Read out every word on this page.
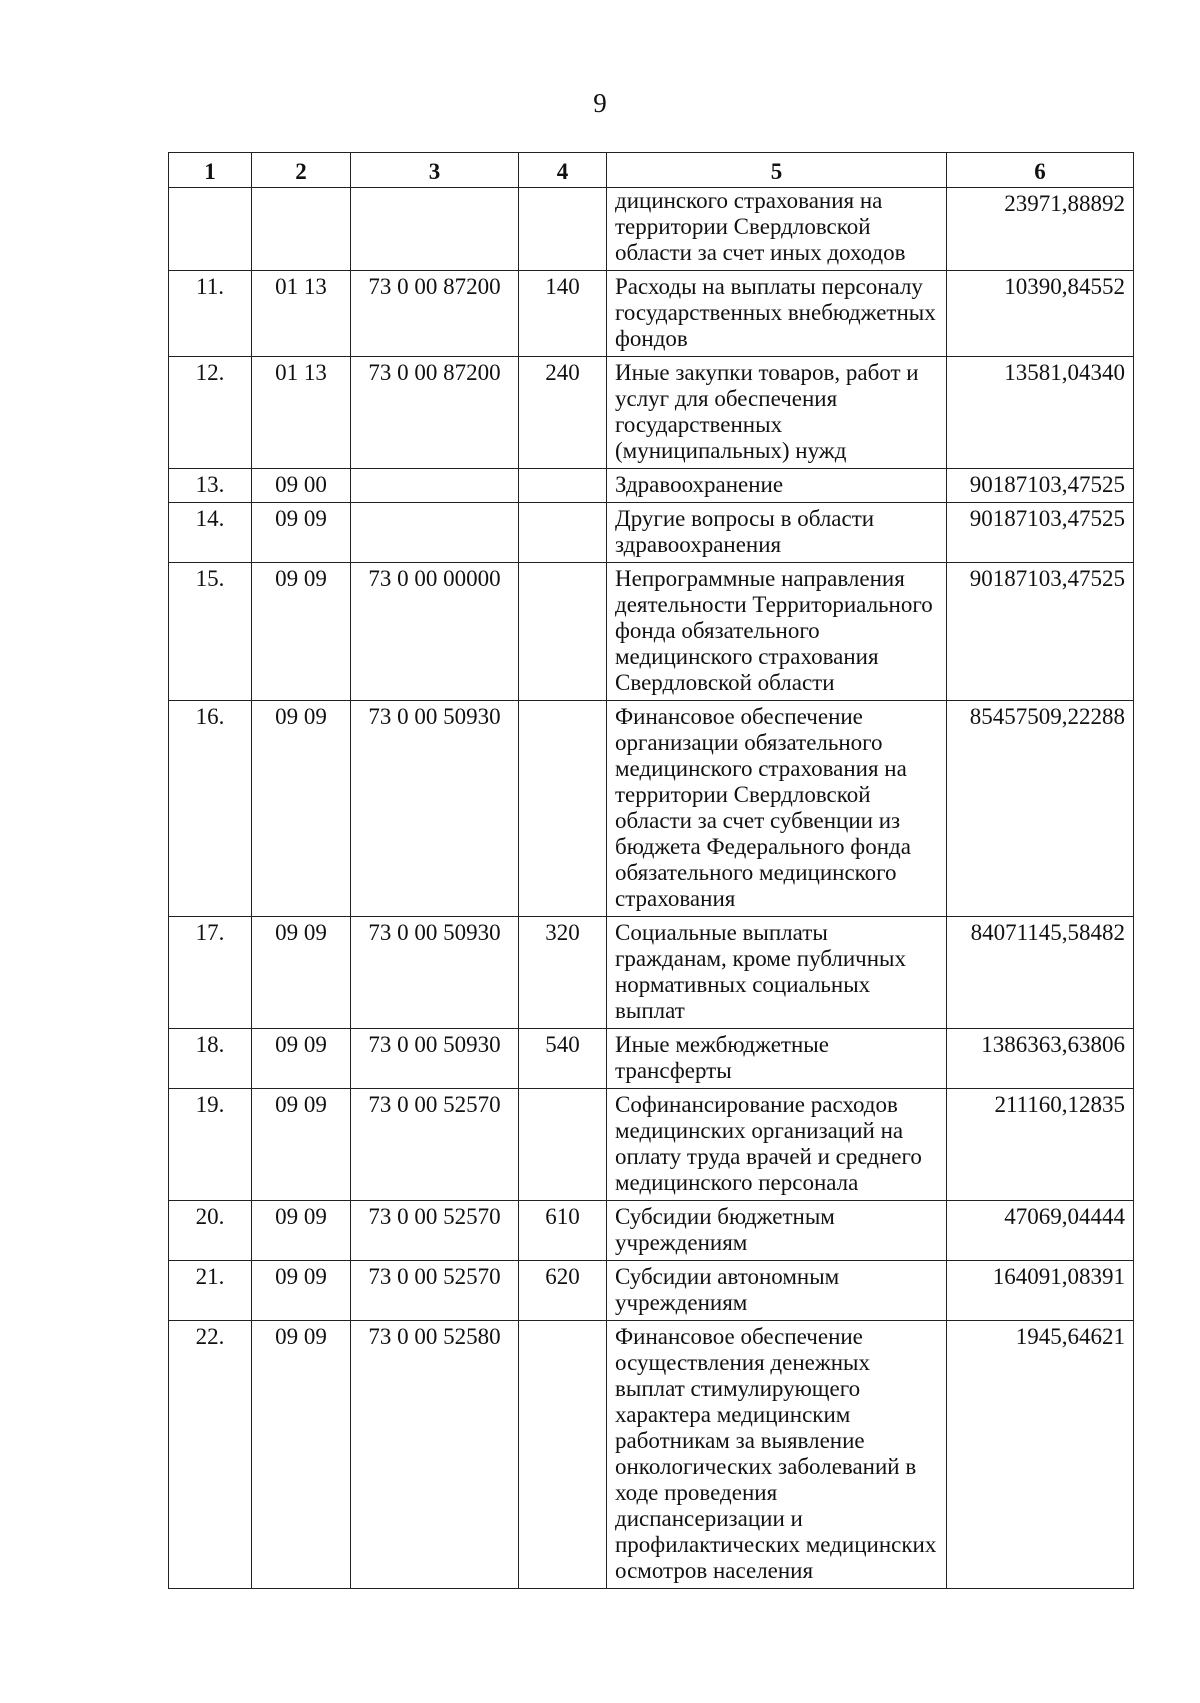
9
1	2	3	4	5	6
				дицинского страхования на территории Свердловской области за счет иных доходов	23971,88892
11.	01 13	73 0 00 87200	140	Расходы на выплаты персоналу государственных внебюджетных фондов	10390,84552
12.	01 13	73 0 00 87200	240	Иные закупки товаров, работ и услуг для обеспечения государственных (муниципальных) нужд	13581,04340
13.	09 00			Здравоохранение	90187103,47525
14.	09 09			Другие вопросы в области здравоохранения	90187103,47525
15.	09 09	73 0 00 00000		Непрограммные направления деятельности Территориального фонда обязательного медицинского страхования Свердловской области	90187103,47525
16.	09 09	73 0 00 50930		Финансовое обеспечение организации обязательного медицинского страхования на территории Свердловской области за счет субвенции из бюджета Федерального фонда обязательного медицинского страхования	85457509,22288
17.	09 09	73 0 00 50930	320	Социальные выплаты гражданам, кроме публичных нормативных социальных выплат	84071145,58482
18.	09 09	73 0 00 50930	540	Иные межбюджетные трансферты	1386363,63806
19.	09 09	73 0 00 52570		Софинансирование расходов медицинских организаций на оплату труда врачей и среднего медицинского персонала	211160,12835
20.	09 09	73 0 00 52570	610	Субсидии бюджетным учреждениям	47069,04444
21.	09 09	73 0 00 52570	620	Субсидии автономным учреждениям	164091,08391
22.	09 09	73 0 00 52580		Финансовое обеспечение осуществления денежных выплат стимулирующего характера медицинским работникам за выявление онкологических заболеваний в ходе проведения диспансеризации и профилактических медицинских осмотров населения	1945,64621
